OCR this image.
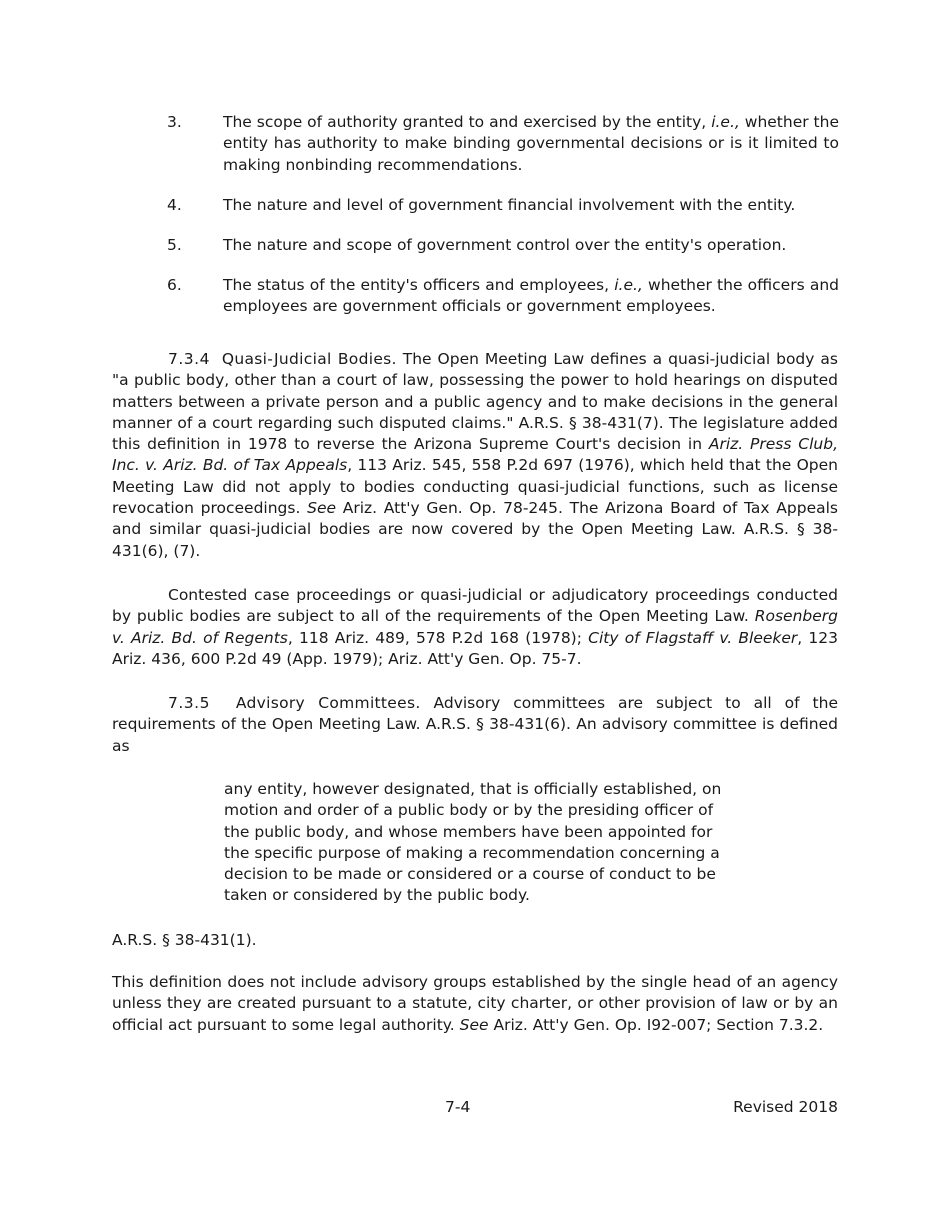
3.	The scope of authority granted to and exercised by the entity, i.e., whether the entity has authority to make binding governmental decisions or is it limited to making nonbinding recommendations.
4.	The nature and level of government financial involvement with the entity.
5.	The nature and scope of government control over the entity's operation.
6.	The status of the entity's officers and employees, i.e., whether the officers and employees are government officials or government employees.
7.3.4 Quasi-Judicial Bodies. The Open Meeting Law defines a quasi-judicial body as "a public body, other than a court of law, possessing the power to hold hearings on disputed matters between a private person and a public agency and to make decisions in the general manner of a court regarding such disputed claims." A.R.S. § 38-431(7). The legislature added this definition in 1978 to reverse the Arizona Supreme Court's decision in Ariz. Press Club, Inc. v. Ariz. Bd. of Tax Appeals, 113 Ariz. 545, 558 P.2d 697 (1976), which held that the Open Meeting Law did not apply to bodies conducting quasi-judicial functions, such as license revocation proceedings. See Ariz. Att'y Gen. Op. 78-245. The Arizona Board of Tax Appeals and similar quasi-judicial bodies are now covered by the Open Meeting Law. A.R.S. § 38-431(6), (7).
Contested case proceedings or quasi-judicial or adjudicatory proceedings conducted by public bodies are subject to all of the requirements of the Open Meeting Law. Rosenberg v. Ariz. Bd. of Regents, 118 Ariz. 489, 578 P.2d 168 (1978); City of Flagstaff v. Bleeker, 123 Ariz. 436, 600 P.2d 49 (App. 1979); Ariz. Att'y Gen. Op. 75-7.
7.3.5 Advisory Committees. Advisory committees are subject to all of the requirements of the Open Meeting Law. A.R.S. § 38-431(6). An advisory committee is defined as
any entity, however designated, that is officially established, on motion and order of a public body or by the presiding officer of the public body, and whose members have been appointed for the specific purpose of making a recommendation concerning a decision to be made or considered or a course of conduct to be taken or considered by the public body.
A.R.S. § 38-431(1).
This definition does not include advisory groups established by the single head of an agency unless they are created pursuant to a statute, city charter, or other provision of law or by an official act pursuant to some legal authority. See Ariz. Att'y Gen. Op. I92-007; Section 7.3.2.
7-4	Revised 2018
